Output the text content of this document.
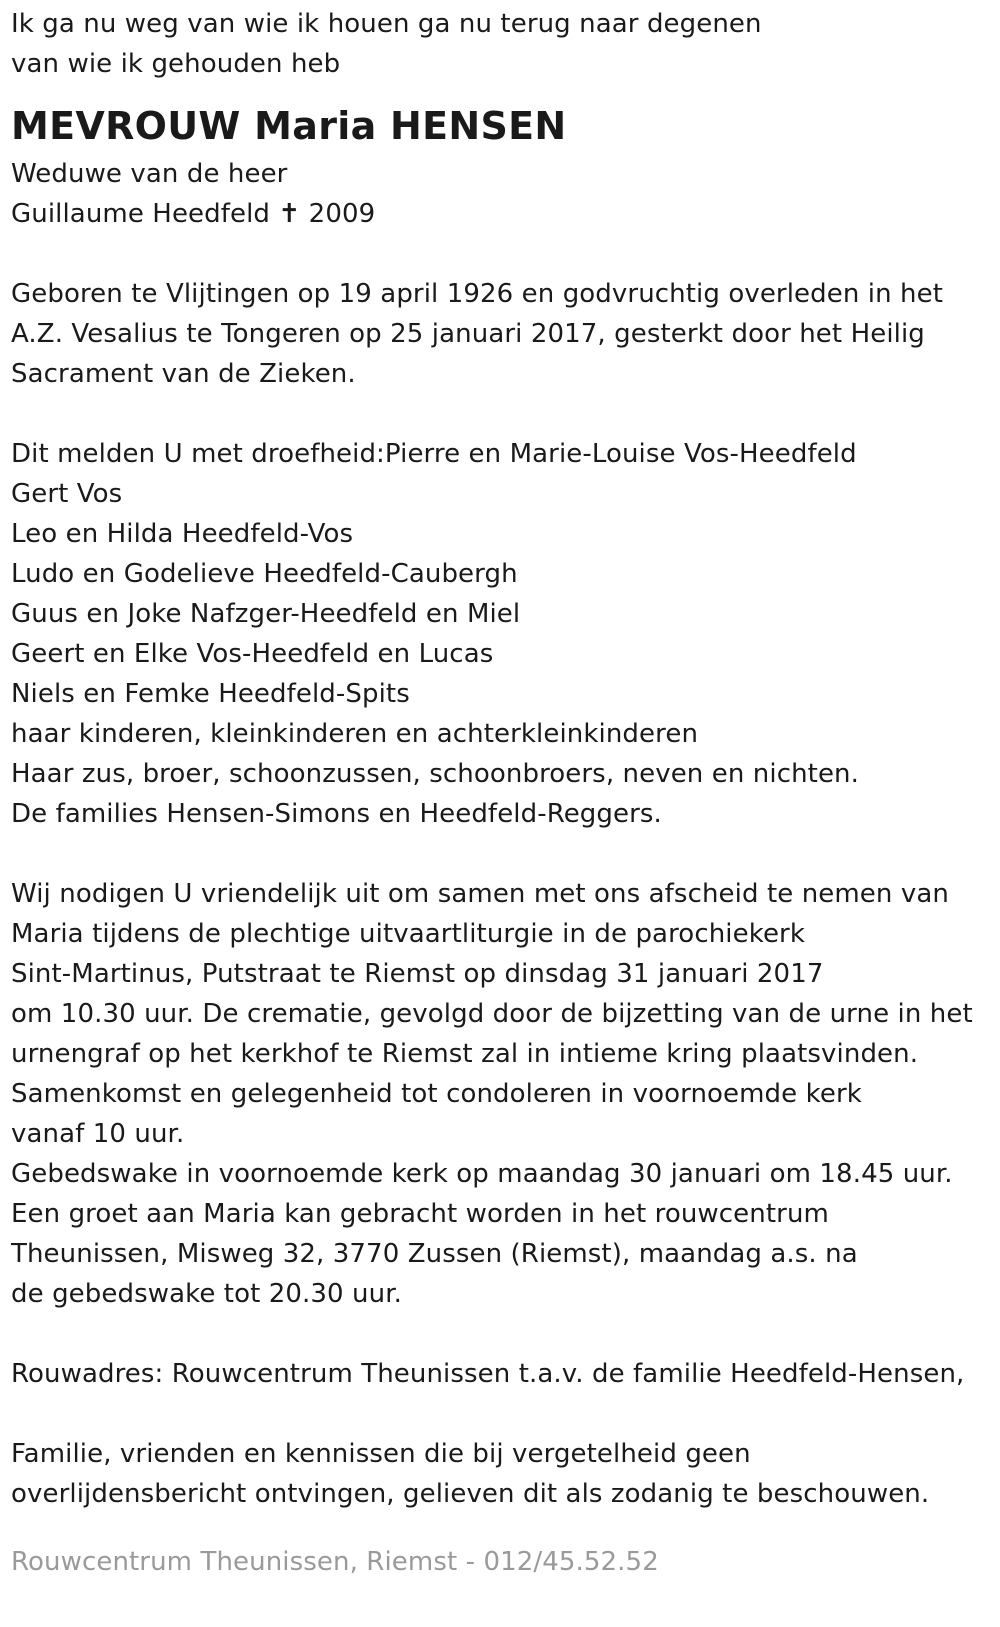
Ik ga nu weg van wie ik houen ga nu terug naar degenen
van wie ik gehouden heb
MEVROUW Maria HENSEN
Weduwe van de heer
Guillaume Heedfeld ✝ 2009
Geboren te Vlijtingen op 19 april 1926 en godvruchtig overleden in het
A.Z. Vesalius te Tongeren op 25 januari 2017, gesterkt door het Heilig
Sacrament van de Zieken.
Dit melden U met droefheid:Pierre en Marie-Louise Vos-Heedfeld
Gert Vos
Leo en Hilda Heedfeld-Vos
Ludo en Godelieve Heedfeld-Caubergh
Guus en Joke Nafzger-Heedfeld en Miel
Geert en Elke Vos-Heedfeld en Lucas
Niels en Femke Heedfeld-Spits
haar kinderen, kleinkinderen en achterkleinkinderen
Haar zus, broer, schoonzussen, schoonbroers, neven en nichten.
De families Hensen-Simons en Heedfeld-Reggers.
Wij nodigen U vriendelijk uit om samen met ons afscheid te nemen van
Maria tijdens de plechtige uitvaartliturgie in de parochiekerk
Sint-Martinus, Putstraat te Riemst op dinsdag 31 januari 2017
om 10.30 uur. De crematie, gevolgd door de bijzetting van de urne in het
urnengraf op het kerkhof te Riemst zal in intieme kring plaatsvinden.
Samenkomst en gelegenheid tot condoleren in voornoemde kerk
vanaf 10 uur.
Gebedswake in voornoemde kerk op maandag 30 januari om 18.45 uur.
Een groet aan Maria kan gebracht worden in het rouwcentrum
Theunissen, Misweg 32, 3770 Zussen (Riemst), maandag a.s. na
de gebedswake tot 20.30 uur.
Rouwadres: Rouwcentrum Theunissen t.a.v. de familie Heedfeld-Hensen,
Familie, vrienden en kennissen die bij vergetelheid geen
overlijdensbericht ontvingen, gelieven dit als zodanig te beschouwen.
Rouwcentrum Theunissen, Riemst - 012/45.52.52
